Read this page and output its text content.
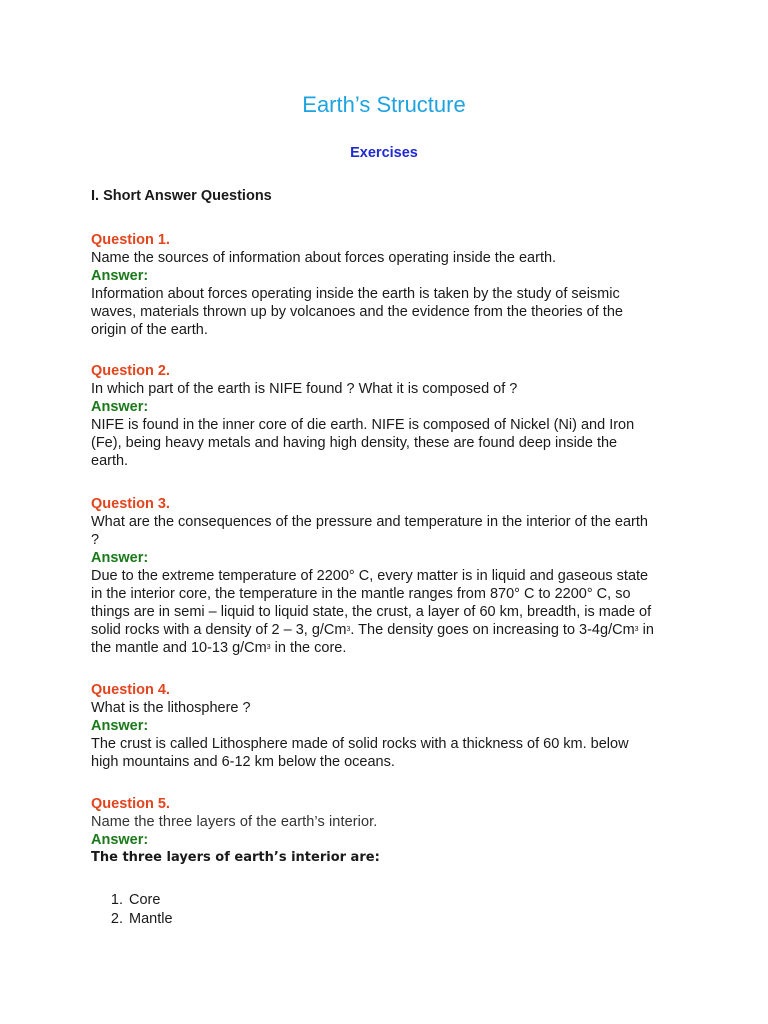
Earth’s Structure
Exercises
I. Short Answer Questions
Question 1.
Name the sources of information about forces operating inside the earth.
Answer:
Information about forces operating inside the earth is taken by the study of seismic
waves, materials thrown up by volcanoes and the evidence from the theories of the
origin of the earth.
Question 2.
In which part of the earth is NIFE found ? What it is composed of ?
Answer:
NIFE is found in the inner core of die earth. NIFE is composed of Nickel (Ni) and Iron
(Fe), being heavy metals and having high density, these are found deep inside the
earth.
Question 3.
What are the consequences of the pressure and temperature in the interior of the earth
?
Answer:
Due to the extreme temperature of 2200° C, every matter is in liquid and gaseous state
in the interior core, the temperature in the mantle ranges from 870° C to 2200° C, so
things are in semi – liquid to liquid state, the crust, a layer of 60 km, breadth, is made of
solid rocks with a density of 2 – 3, g/Cm$^3$. The density goes on increasing to 3-4g/Cm$^3$ in
the mantle and 10-13 g/Cm$^3$ in the core.
Question 4.
What is the lithosphere ?
Answer:
The crust is called Lithosphere made of solid rocks with a thickness of 60 km. below
high mountains and 6-12 km below the oceans.
Question 5.
Name the three layers of the earth’s interior.
Answer:
The three layers of earth’s interior are:
1. Core
2. Mantle
